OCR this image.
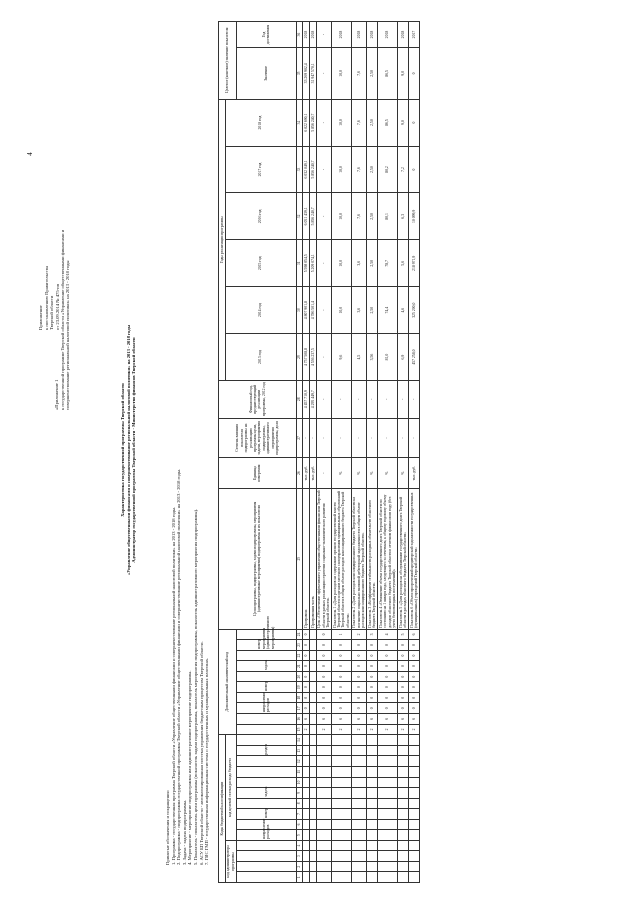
4
Приложение к постановлению Правительства Тверской области от 23.09.2014 № 475-пп
«Приложение 1 к государственной программе Тверской области «Управление общественными финансами и совершенствование региональной налоговой политики» на 2013 - 2018 годы
Характеристика государственной программы Тверской области «Управление общественными финансами и совершенствование региональной налоговой политики» на 2013 - 2018 годы Администратор государственной программы Тверской области - Министерство финансов Тверской области
Принятые обозначения и сокращения: 1. Программа - государственная программа Тверской области «Управление общественными финансами и совершенствование региональной налоговой политики» на 2013 - 2018 годы. 2. Подпрограмма - подпрограмма государственной программы Тверской области «Управление общественными финансами и совершенствование региональной налоговой политики» на 2013 - 2018 годы. 3. Задача - задача подпрограммы. 4. Мероприятие - мероприятие подпрограммы или административное мероприятие подпрограммы. 5. Показатель - показатель цели программы (показатель задачи подпрограммы, показатель мероприятия подпрограммы, показатель административного мероприятия подпрограммы). 6. АСУ БП Тверской области - автоматизированная система управления бюджетным процессом Тверской области. 7. ГИС ГМП - государственная информационная система о государственных и муниципальных платежах.	Коды бюджетной классификации														Дополнительный аналитический код										Цели программы, подпрограммы, задачи подпрограммы, мероприятия (административные мероприятия) подпрограммы и их показатели	Единица измерения	Степень влияния показателя подпрограммы на реализацию программы цели, задачи, мероприятия подпрограммы, административного мероприятия подпрограммы, доля	Финансовый год, предшествующий реализации программы, 2012 год	Годы реализации программы						Целевое (конечное) значение показателя	
код администратора программы				код целевой статьи расхода бюджета																								2013 год	2014 год	2015 год	2016 год	2017 год	2018 год		
				направление расходов		номер		задача				раздел				направление расходов		номер		задача		номер мероприятия (административного мероприятия)												Значение	Год достижения
1	2	3	4	5	6	7	8	9	10	11	12	13	14	15	16	17	18	19	20	21	22	23	24	25	26	27	28	29	30	31	32	33	34	35	36
														2	6	0	0	0	0	0	0	0	0	Программа	тыс. руб.	-	4 457 710,9	4 757 508,8	4 807 901,8	5 598 054,5	6 051 439,1	6 032 049,1	6 022 690,1	33 269 902,4	2018
																								Программная часть	тыс. руб.	-	4 295 449,7	4 536 237,5	4 786 501,4	5 209 074,1	5 856 240,7	5 856 240,7	5 856 240,7	31 947 570,1	2018
														2	6	0	0	0	0	0	0	0	0	Цель «Обеспечение эффективного управления общественными финансами Тверской области в рамках реализации стратегии социально-экономического развития Тверской области»	-	-	-	-	-	-	-	-	-	-	-
														2	6	0	0	0	0	0	0	0	1	Показатель 1 «Доля расходов на содержание органов государственной власти Тверской области и органов местного самоуправления муниципальных образований Тверской области в общем объеме расходов консолидированного бюджета Тверской области»	%	-	-	9,6	10,0	10,0	10,0	10,0	10,0	10,0	2018
														2	6	0	0	0	0	0	0	0	2	Показатель 2 «Доля расходов консолидированного бюджета Тверской области на погашение социально значимой дебиторской задолженности в общем объеме расходов консолидированного бюджета Тверской области»	%	-	-	4,5	3,6	3,6	7,6	7,6	7,6	7,6	2018
														2	6	0	0	0	0	0	0	0	3	Показатель 3 «Коэффициент стабильности расходных обязательств областного бюджета Тверской области»	%	-	-	3,56	2,50	2,50	2,50	2,50	2,50	2,50	2018
														2	6	0	0	0	0	0	0	0	4	Показатель 4 «Отношение объема государственного долга Тверской области по состоянию на 1 января года, следующего за отчетным, к общему годовому объему доходов областного бюджета Тверской области в отчетном финансовом году (без учета безвозмездных поступлений)»	%	-	-	81,0	74,4	78,7	80,1	80,2	86,5	86,5	2018
														2	6	0	0	0	0	0	0	0	5	Показатель 5 «Доля расходов на обслуживание государственного долга Тверской области в расходах областного бюджета Тверской области»	%	-	-	6,9	4,6	5,6	6,3	7,2	9,0	9,0	2018
														2	6	0	0	0	0	0	0	0	6	Показатель 6 «Объем просроченной кредиторской задолженности государственных (муниципальных) учреждений Тверской области»	тыс. руб.	-	-	457 258,0	325 200,0	218 971,9	10 099,9	0	0	0	2017
